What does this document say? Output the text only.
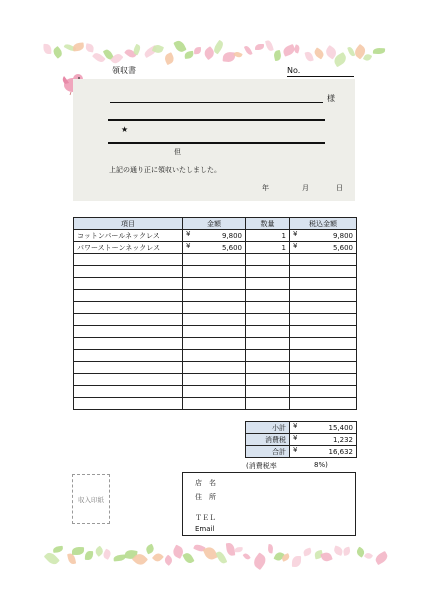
領収書	No.
様
★
但
上記の通り正に領収いたしました。
年	月	日
項目	金額	数量	税込金額
コットンパールネックレス	¥ 9,800	1	¥ 9,800
パワーストーンネックレス	¥ 5,600	1	¥ 5,600

小計	¥ 15,400
消費税	¥ 1,232
合計	¥ 16,632
(消費税率	8%)
収入印紙
店　名
住　所
ＴＥＬ
Email
